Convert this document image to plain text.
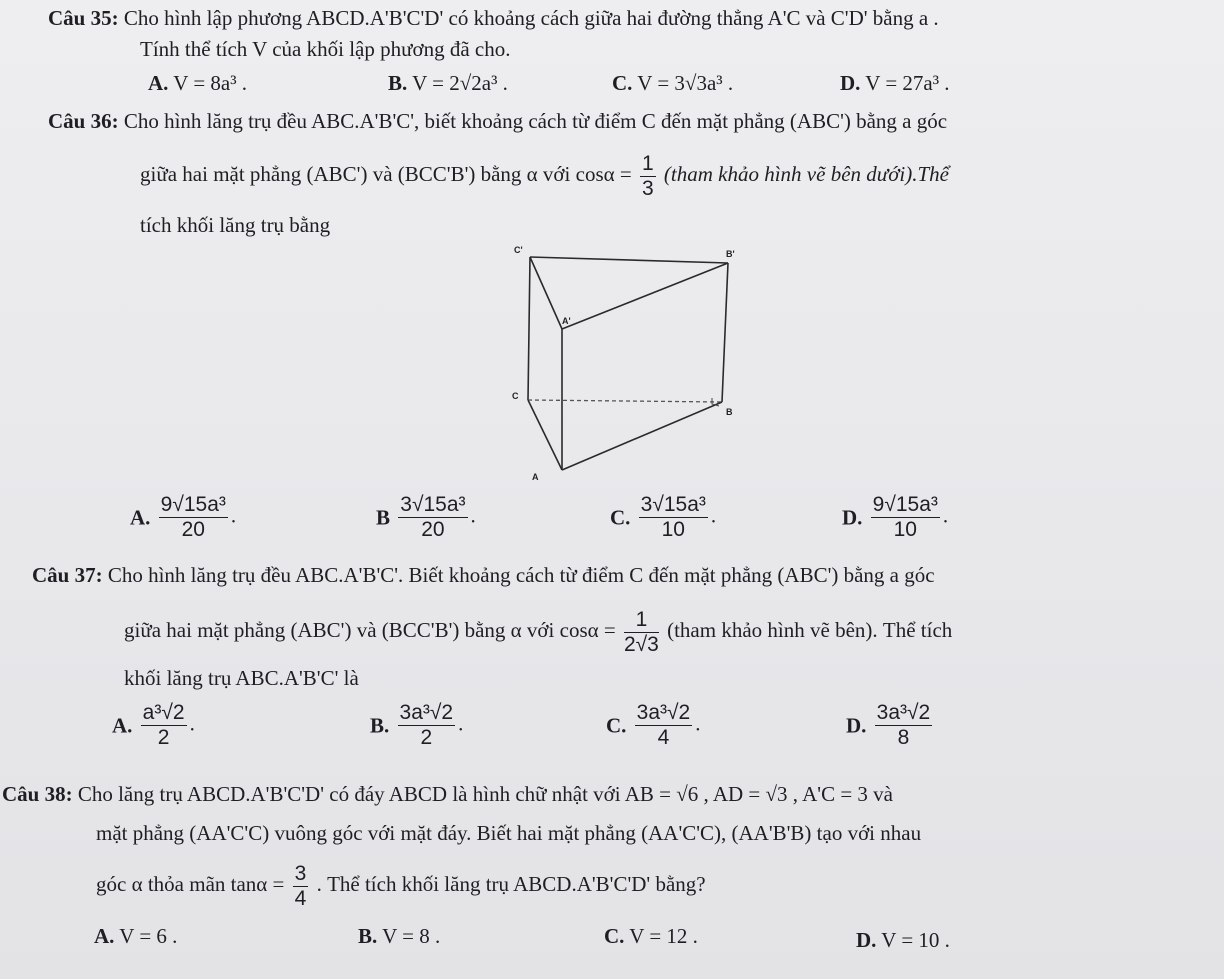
Câu 35: Cho hình lập phương ABCD.A'B'C'D' có khoảng cách giữa hai đường thẳng A'C và C'D' bằng a .
Tính thể tích V của khối lập phương đã cho.
A. V = 8a³ .	B. V = 2√2a³ .	C. V = 3√3a³ .	D. V = 27a³ .
Câu 36: Cho hình lăng trụ đều ABC.A'B'C', biết khoảng cách từ điểm C đến mặt phẳng (ABC') bằng a góc
giữa hai mặt phẳng (ABC') và (BCC'B') bằng α với $\cos\alpha = \frac{1}{3}$ (tham khảo hình vẽ bên dưới).Thể
tích khối lăng trụ bằng
C'	B'
A'
C
B
A
A. $\frac{\text{9√15a³}}{20}$ .	B $\frac{\text{3√15a³}}{20}$ .	C. $\frac{\text{3√15a³}}{10}$ .	D. $\frac{\text{9√15a³}}{10}$ .
Câu 37: Cho hình lăng trụ đều ABC.A'B'C'. Biết khoảng cách từ điểm C đến mặt phẳng (ABC') bằng a góc
giữa hai mặt phẳng (ABC') và (BCC'B') bằng α với $\cos\alpha = \frac{1}{2√3}$ (tham khảo hình vẽ bên). Thể tích
khối lăng trụ ABC.A'B'C' là
A. $\frac{\text{a³√2}}{2}$ .	B. $\frac{\text{3a³√2}}{2}$ .	C. $\frac{\text{3a³√2}}{4}$ .	D. $\frac{\text{3a³√2}}{8}$
Câu 38: Cho lăng trụ ABCD.A'B'C'D' có đáy ABCD là hình chữ nhật với AB = √6 , AD = √3 , A'C = 3 và
mặt phẳng (AA'C'C) vuông góc với mặt đáy. Biết hai mặt phẳng (AA'C'C), (AA'B'B) tạo với nhau
góc α thỏa mãn $\tan\alpha = \frac{3}{4}$ . Thể tích khối lăng trụ ABCD.A'B'C'D' bằng?
A. V = 6 .	B. V = 8 .	C. V = 12 .	D. V = 10 .
